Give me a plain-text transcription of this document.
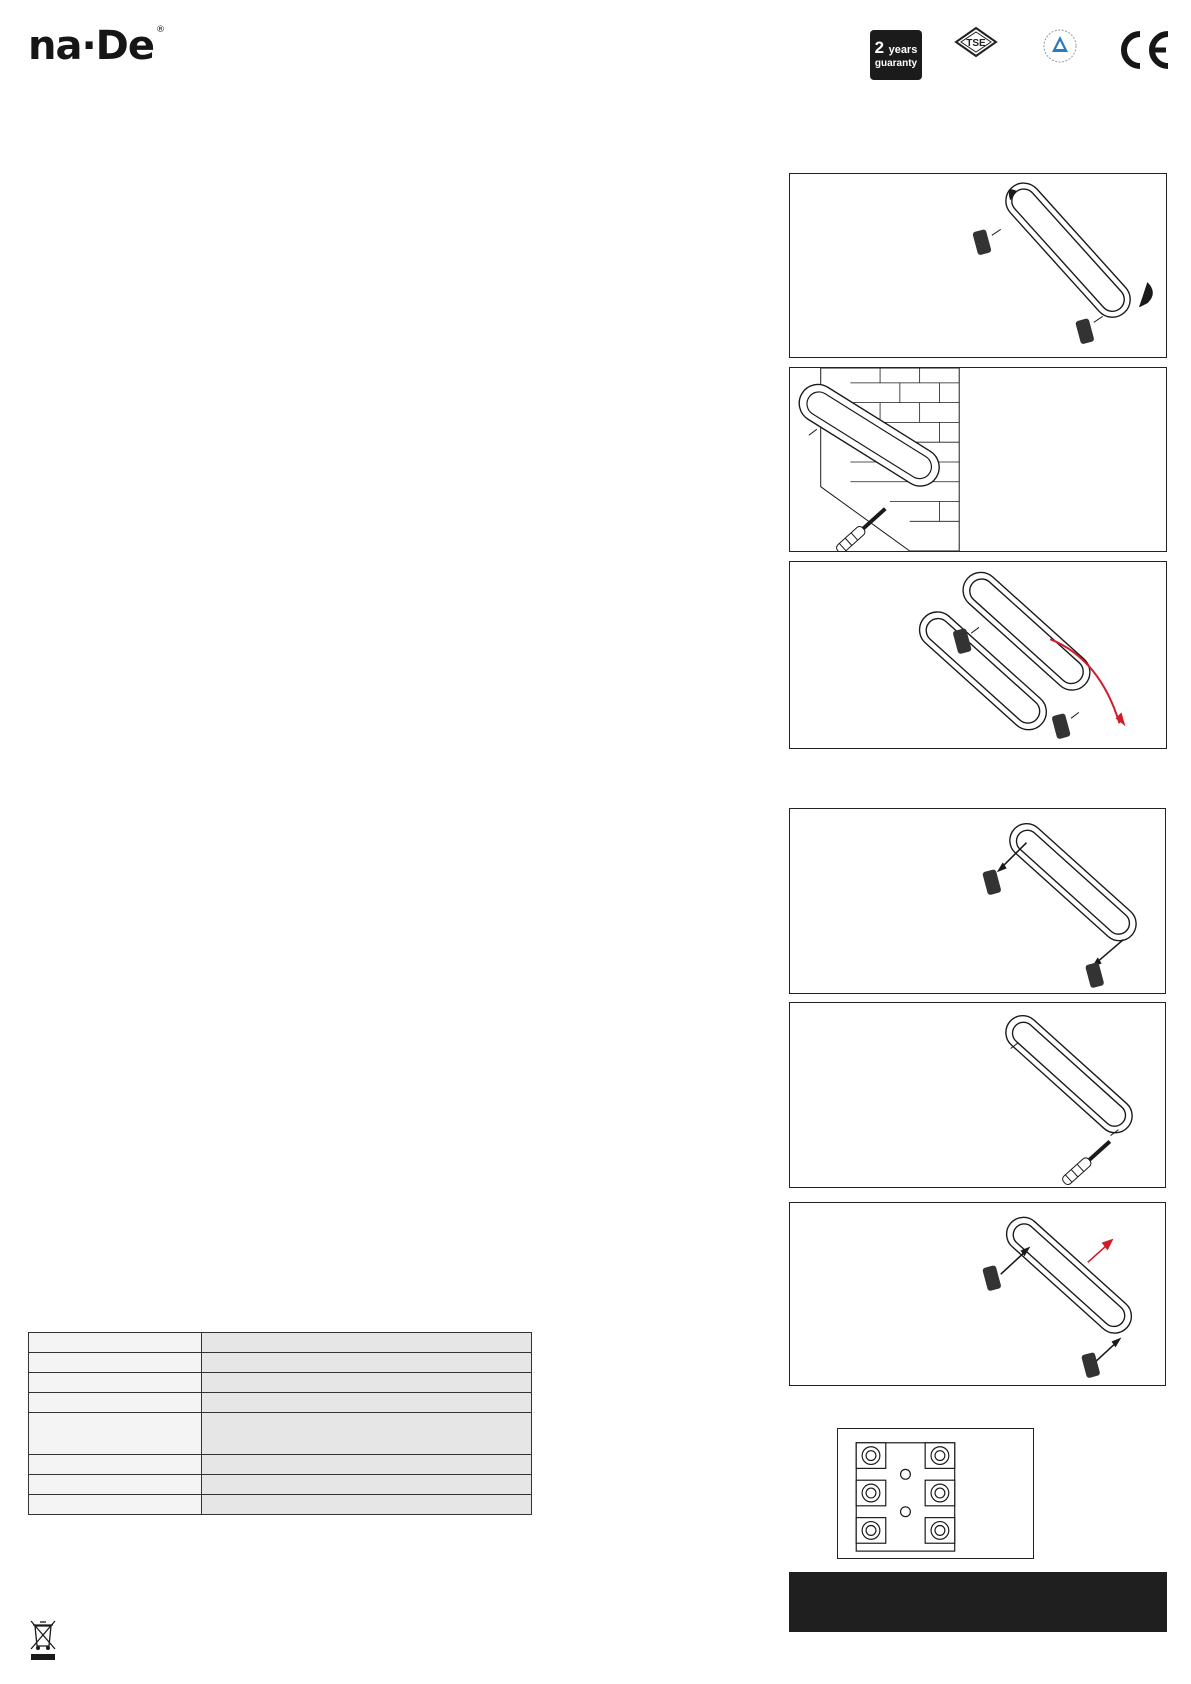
na·De ®
2 years
guaranty
TSE
